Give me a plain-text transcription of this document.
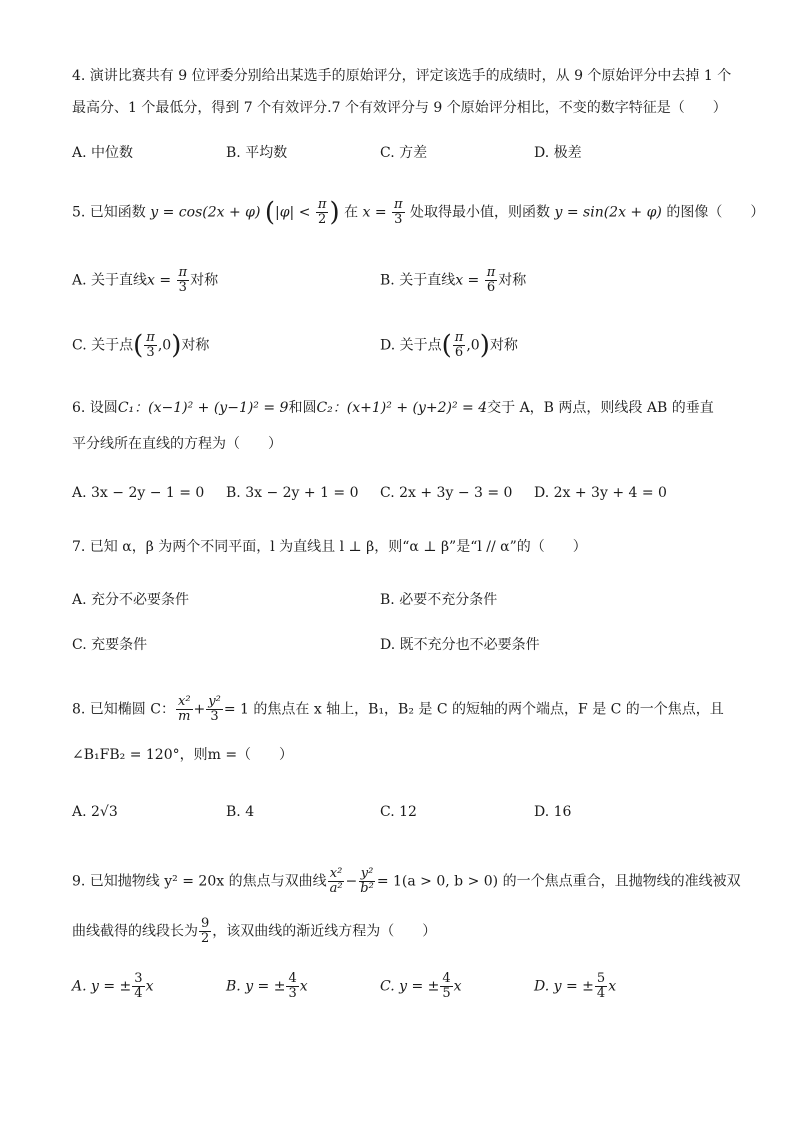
4. 演讲比赛共有 9 位评委分别给出某选手的原始评分，评定该选手的成绩时，从 9 个原始评分中去掉 1 个
最高分、1 个最低分，得到 7 个有效评分.7 个有效评分与 9 个原始评分相比，不变的数字特征是（　　）
A. 中位数	B. 平均数	C. 方差	D. 极差
5. 已知函数 y = cos(2x + φ) ($|\varphi| < \frac{\pi}{2}$ ) 在 $x = \frac{\pi}{3}$ 处取得最小值，则函数 y = sin(2x + φ) 的图像（　　）
A. 关于直线$x = \frac{\pi}{3}$ 对称	B. 关于直线$x = \frac{\pi}{6}$ 对称
C. 关于点( $\frac{\pi}{3} ,0$)对称	D. 关于点( $\frac{\pi}{6} ,0$)对称
6. 设圆C₁：(x−1)² + (y−1)² = 9和圆C₂：(x+1)² + (y+2)² = 4交于 A，B 两点，则线段 AB 的垂直
平分线所在直线的方程为（　　）
A. 3x − 2y − 1 = 0 B. 3x − 2y + 1 = 0 C. 2x + 3y − 3 = 0 D. 2x + 3y + 4 = 0
7. 已知 α，β 为两个不同平面，l 为直线且 l ⊥ β，则“α ⊥ β”是“l // α”的（　　）
A. 充分不必要条件	B. 必要不充分条件
C. 充要条件	D. 既不充分也不必要条件
8. 已知椭圆 C： $\frac{\text{x²}}{m} + \frac{\text{y²}}{3} = 1$ 的焦点在 x 轴上，B₁，B₂ 是 C 的短轴的两个端点，F 是 C 的一个焦点，且
∠B₁FB₂ = 120°，则m =（　　）
A. 2√3	B. 4	C. 12	D. 16
9. 已知抛物线 y² = 20x 的焦点与双曲线 $\frac{\text{x²}}{\text{a²}} - \frac{\text{y²}}{\text{b²}} = 1(a > 0$, b > 0) 的一个焦点重合，且抛物线的准线被双
曲线截得的线段长为 $\frac{9}{2}$ ，该双曲线的渐近线方程为（　　）
A. y = ± $\frac{3}{4}$ x	B. y = ± $\frac{4}{3}$ x	C. y = ± $\frac{4}{5}$ x	D. y = ± $\frac{5}{4}$ x
